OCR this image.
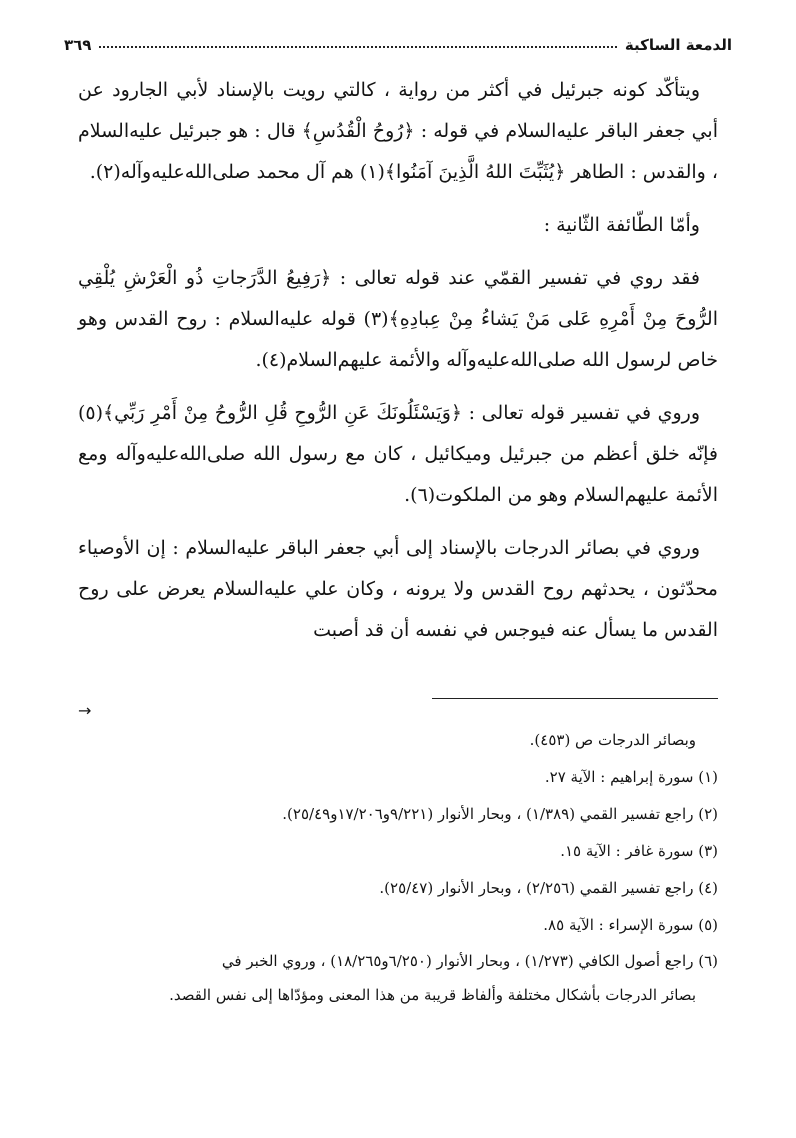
الدمعة الساكبة
٣٦٩

ويتأكّد كونه جبرئيل في أكثر من رواية ، كالتي رويت بالإسناد لأبي الجارود عن أبي جعفر الباقر عليه‌السلام في قوله : ﴿رُوحُ الْقُدُسِ﴾ قال : هو جبرئيل عليه‌السلام ، والقدس : الطاهر ﴿يُثَبِّتَ اللهُ الَّذِينَ آمَنُوا﴾(١) هم آل محمد صلى‌الله‌عليه‌وآله(٢).

وأمّا الطّائفة الثّانية :

فقد روي في تفسير القمّي عند قوله تعالى : ﴿رَفِيعُ الدَّرَجاتِ ذُو الْعَرْشِ يُلْقِي الرُّوحَ مِنْ أَمْرِهِ عَلى مَنْ يَشاءُ مِنْ عِبادِهِ﴾(٣) قوله عليه‌السلام : روح القدس وهو خاص لرسول الله صلى‌الله‌عليه‌وآله والأئمة عليهم‌السلام(٤).

وروي في تفسير قوله تعالى : ﴿وَيَسْئَلُونَكَ عَنِ الرُّوحِ قُلِ الرُّوحُ مِنْ أَمْرِ رَبِّي﴾(٥) فإنّه خلق أعظم من جبرئيل وميكائيل ، كان مع رسول الله صلى‌الله‌عليه‌وآله ومع الأئمة عليهم‌السلام وهو من الملكوت(٦).

وروي في بصائر الدرجات بالإسناد إلى أبي جعفر الباقر عليه‌السلام : إن الأوصياء محدّثون ، يحدثهم روح القدس ولا يرونه ، وكان علي عليه‌السلام يعرض على روح القدس ما يسأل عنه فيوجس في نفسه أن قد أصبت

→

وبصائر الدرجات ص (٤٥٣).

(١) سورة إبراهيم : الآية ٢٧.

(٢) راجع تفسير القمي (١/٣٨٩) ، وبحار الأنوار (٩/٢٢١و١٧/٢٠٦و٢٥/٤٩).

(٣) سورة غافر : الآية ١٥.

(٤) راجع تفسير القمي (٢/٢٥٦) ، وبحار الأنوار (٢٥/٤٧).

(٥) سورة الإسراء : الآية ٨٥.

(٦) راجع أصول الكافي (١/٢٧٣) ، وبحار الأنوار (٦/٢٥٠و١٨/٢٦٥) ، وروي الخبر في

بصائر الدرجات بأشكال مختلفة وألفاظ قريبة من هذا المعنى ومؤدّاها إلى نفس القصد.
